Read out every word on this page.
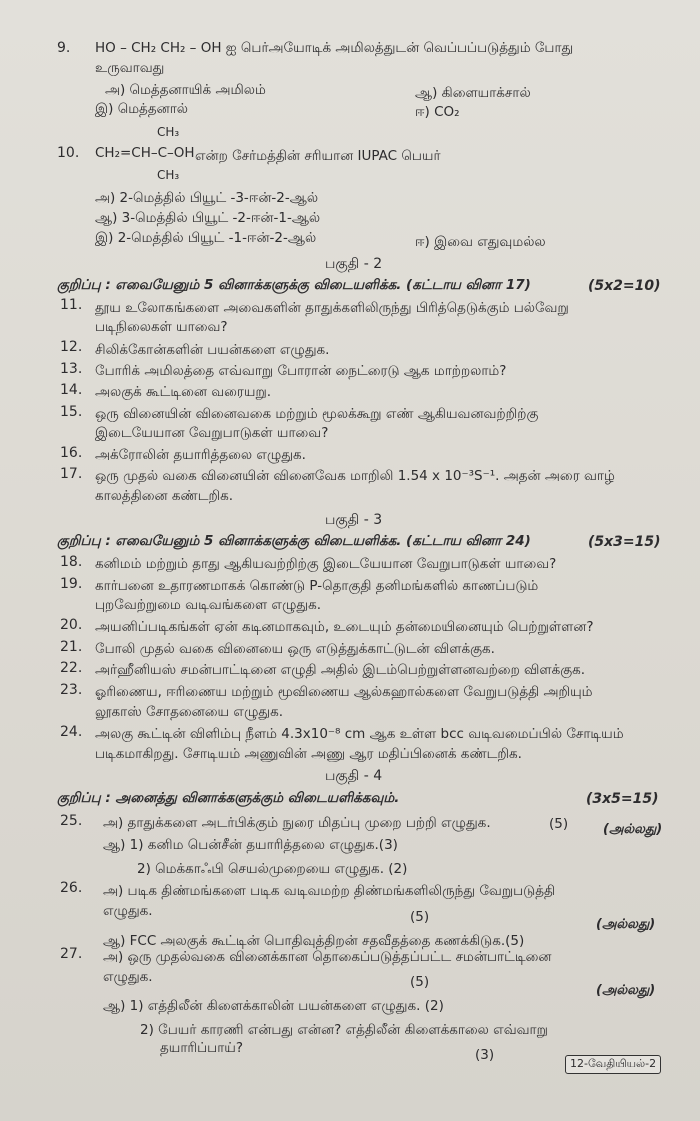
9. HO – CH₂ CH₂ – OH ஐ பெர்அயோடிக் அமிலத்துடன் வெப்பப்படுத்தும் போது
உருவாவது
அ) மெத்தனாயிக் அமிலம்	ஆ) கிளையாக்சால்
இ) மெத்தனால்	ஈ) CO₂
CH₃
10. CH₂=CH–C–OH என்ற சேர்மத்தின் சரியான IUPAC பெயர்
CH₃
அ) 2-மெத்தில் பியூட் -3-ஈன்-2-ஆல்
ஆ) 3-மெத்தில் பியூட் -2-ஈன்-1-ஆல்
இ) 2-மெத்தில் பியூட் -1-ஈன்-2-ஆல்	ஈ) இவை எதுவுமல்ல
பகுதி - 2
குறிப்பு : எவையேனும் 5 வினாக்களுக்கு விடையளிக்க. (கட்டாய வினா 17)	(5x2=10)
11. தூய உலோகங்களை அவைகளின் தாதுக்களிலிருந்து பிரித்தெடுக்கும் பல்வேறு
படிநிலைகள் யாவை?
12. சிலிக்கோன்களின் பயன்களை எழுதுக.
13. போரிக் அமிலத்தை எவ்வாறு போரான் நைட்ரைடு ஆக மாற்றலாம்?
14. அலகுக் கூட்டினை வரையறு.
15. ஒரு வினையின் வினைவகை மற்றும் மூலக்கூறு எண் ஆகியவனவற்றிற்கு
இடையேயான வேறுபாடுகள் யாவை?
16. அக்ரோலின் தயாரித்தலை எழுதுக.
17. ஒரு முதல் வகை வினையின் வினைவேக மாறிலி 1.54 x 10⁻³S⁻¹. அதன் அரை வாழ்
காலத்தினை கண்டறிக.
பகுதி - 3
குறிப்பு : எவையேனும் 5 வினாக்களுக்கு விடையளிக்க. (கட்டாய வினா 24)	(5x3=15)
18. கனிமம் மற்றும் தாது ஆகியவற்றிற்கு இடையேயான வேறுபாடுகள் யாவை?
19. கார்பனை உதாரணமாகக் கொண்டு P-தொகுதி தனிமங்களில் காணப்படும்
புறவேற்றுமை வடிவங்களை எழுதுக.
20. அயனிப்படிகங்கள் ஏன் கடினமாகவும், உடையும் தன்மையினையும் பெற்றுள்ளன?
21. போலி முதல் வகை வினையை ஒரு எடுத்துக்காட்டுடன் விளக்குக.
22. அர்ஹீனியஸ் சமன்பாட்டினை எழுதி அதில் இடம்பெற்றுள்ளனவற்றை விளக்குக.
23. ஓரிணைய, ஈரிணைய மற்றும் மூவிணைய ஆல்கஹால்களை வேறுபடுத்தி அறியும்
லூகாஸ் சோதனையை எழுதுக.
24. அலகு கூட்டின் விளிம்பு நீளம் 4.3x10⁻⁸ cm ஆக உள்ள bcc வடிவமைப்பில் சோடியம்
படிகமாகிறது. சோடியம் அணுவின் அணு ஆர மதிப்பினைக் கண்டறிக.
பகுதி - 4
குறிப்பு : அனைத்து வினாக்களுக்கும் விடையளிக்கவும்.	(3x5=15)
25. அ) தாதுக்களை அடர்பிக்கும் நுரை மிதப்பு முறை பற்றி எழுதுக.	(5)	(அல்லது)
ஆ) 1) கனிம பென்சீன் தயாரித்தலை எழுதுக.(3)
2) மெக்காஃபி செயல்முறையை எழுதுக. (2)
26. அ) படிக திண்மங்களை படிக வடிவமற்ற திண்மங்களிலிருந்து வேறுபடுத்தி
எழுதுக.	(5)	(அல்லது)
ஆ) FCC அலகுக் கூட்டின் பொதிவுத்திறன் சதவீதத்தை கணக்கிடுக.(5)
27. அ) ஒரு முதல்வகை வினைக்கான தொகைப்படுத்தப்பட்ட சமன்பாட்டினை
எழுதுக.	(5)
(அல்லது)
ஆ) 1) எத்திலீன் கிளைக்காலின் பயன்களை எழுதுக. (2)
2) பேயர் காரணி என்பது என்ன? எத்திலீன் கிளைக்காலை எவ்வாறு
தயாரிப்பாய்?	(3)
12-வேதியியல்-2
